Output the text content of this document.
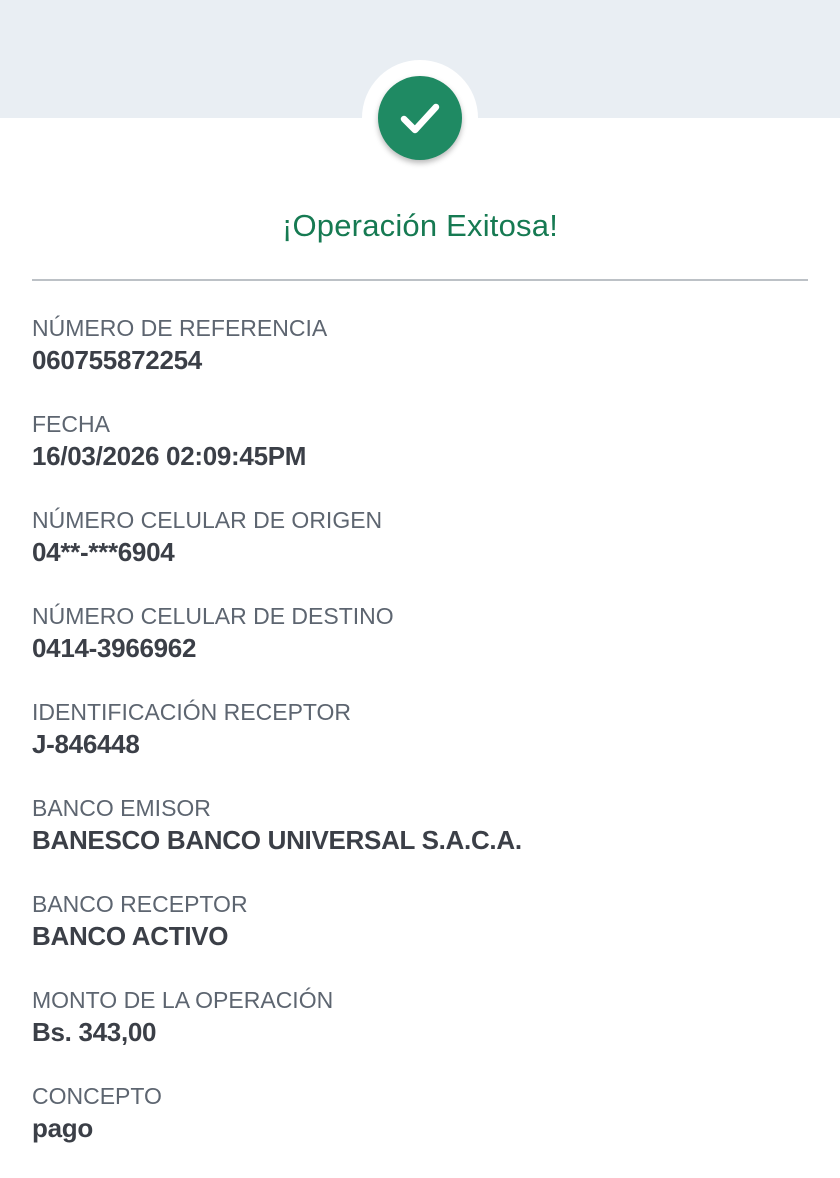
¡Operación Exitosa!
NÚMERO DE REFERENCIA
060755872254
FECHA
16/03/2026 02:09:45PM
NÚMERO CELULAR DE ORIGEN
04**-***6904
NÚMERO CELULAR DE DESTINO
0414-3966962
IDENTIFICACIÓN RECEPTOR
J-846448
BANCO EMISOR
BANESCO BANCO UNIVERSAL S.A.C.A.
BANCO RECEPTOR
BANCO ACTIVO
MONTO DE LA OPERACIÓN
Bs. 343,00
CONCEPTO
pago
